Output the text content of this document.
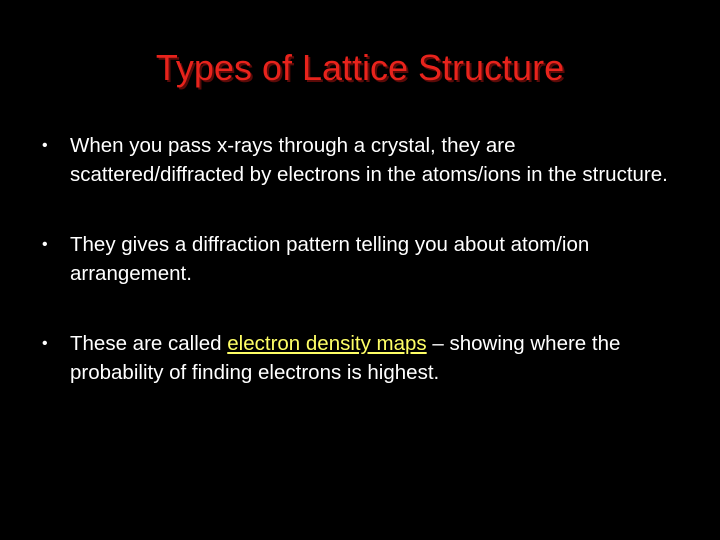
Types of Lattice Structure
•	When you pass x-rays through a crystal, they are scattered/diffracted by electrons in the atoms/ions in the structure.
•	They gives a diffraction pattern telling you about atom/ion arrangement.
•	These are called electron density maps – showing where the probability of finding electrons is highest.
